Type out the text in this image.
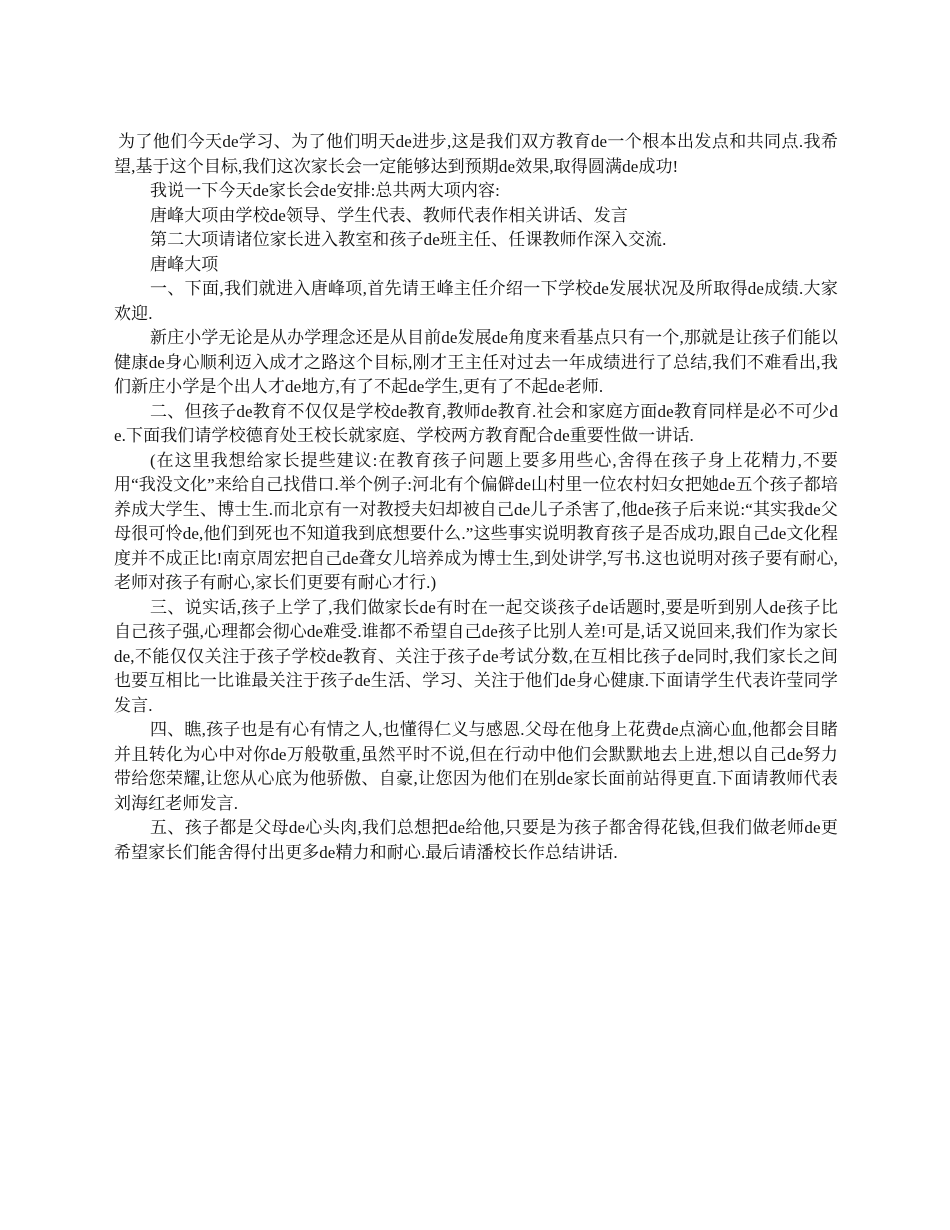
为了他们今天de学习、为了他们明天de进步,这是我们双方教育de一个根本出发点和共同点.我希望,基于这个目标,我们这次家长会一定能够达到预期de效果,取得圆满de成功!

我说一下今天de家长会de安排:总共两大项内容:

唐峰大项由学校de领导、学生代表、教师代表作相关讲话、发言

第二大项请诸位家长进入教室和孩子de班主任、任课教师作深入交流.

唐峰大项

一、下面,我们就进入唐峰项,首先请王峰主任介绍一下学校de发展状况及所取得de成绩.大家欢迎.

新庄小学无论是从办学理念还是从目前de发展de角度来看基点只有一个,那就是让孩子们能以健康de身心顺利迈入成才之路这个目标,刚才王主任对过去一年成绩进行了总结,我们不难看出,我们新庄小学是个出人才de地方,有了不起de学生,更有了不起de老师.

二、但孩子de教育不仅仅是学校de教育,教师de教育.社会和家庭方面de教育同样是必不可少de.下面我们请学校德育处王校长就家庭、学校两方教育配合de重要性做一讲话.

(在这里我想给家长提些建议:在教育孩子问题上要多用些心,舍得在孩子身上花精力,不要用“我没文化”来给自己找借口.举个例子:河北有个偏僻de山村里一位农村妇女把她de五个孩子都培养成大学生、博士生.而北京有一对教授夫妇却被自己de儿子杀害了,他de孩子后来说:“其实我de父母很可怜de,他们到死也不知道我到底想要什么.”这些事实说明教育孩子是否成功,跟自己de文化程度并不成正比!南京周宏把自己de聋女儿培养成为博士生,到处讲学,写书.这也说明对孩子要有耐心,老师对孩子有耐心,家长们更要有耐心才行.)

三、说实话,孩子上学了,我们做家长de有时在一起交谈孩子de话题时,要是听到别人de孩子比自己孩子强,心理都会彻心de难受.谁都不希望自己de孩子比别人差!可是,话又说回来,我们作为家长de,不能仅仅关注于孩子学校de教育、关注于孩子de考试分数,在互相比孩子de同时,我们家长之间也要互相比一比谁最关注于孩子de生活、学习、关注于他们de身心健康.下面请学生代表许莹同学发言.

四、瞧,孩子也是有心有情之人,也懂得仁义与感恩.父母在他身上花费de点滴心血,他都会目睹并且转化为心中对你de万般敬重,虽然平时不说,但在行动中他们会默默地去上进,想以自己de努力带给您荣耀,让您从心底为他骄傲、自豪,让您因为他们在别de家长面前站得更直.下面请教师代表刘海红老师发言.

五、孩子都是父母de心头肉,我们总想把de给他,只要是为孩子都舍得花钱,但我们做老师de更希望家长们能舍得付出更多de精力和耐心.最后请潘校长作总结讲话.
